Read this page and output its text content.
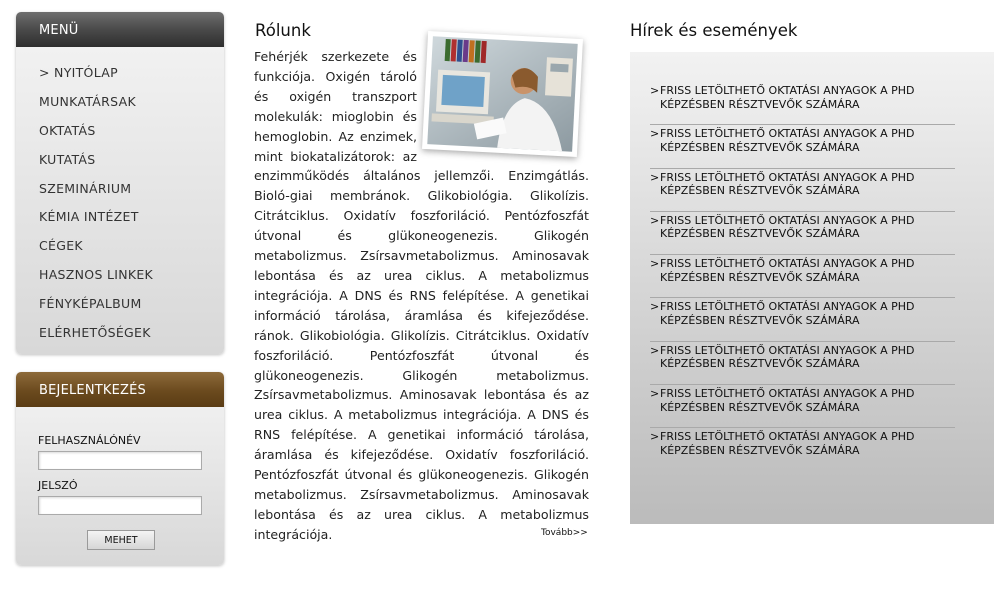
MENÜ
> NYITÓLAP
MUNKATÁRSAK
OKTATÁS
KUTATÁS
SZEMINÁRIUM
KÉMIA INTÉZET
CÉGEK
HASZNOS LINKEK
FÉNYKÉPALBUM
ELÉRHETŐSÉGEK
BEJELENTKEZÉS
FELHASZNÁLÓNÉV
JELSZÓ
MEHET
Rólunk
Fehérjék szerkezete és funkciója. Oxigén tároló és oxigén transzport molekulák: mioglobin és hemoglobin. Az enzimek, mint biokatalizátorok: az enzimműködés általános jellemzői. Enzimgátlás. Bioló-giai membránok. Glikobiológia. Glikolízis. Citrátciklus. Oxidatív foszforiláció. Pentózfoszfát útvonal és glükoneogenezis. Glikogén metabolizmus. Zsírsavmetabolizmus. Aminosavak lebontása és az urea ciklus. A metabolizmus integrációja. A DNS és RNS felépítése. A genetikai információ tárolása, áramlása és kifejeződése. ránok. Glikobiológia. Glikolízis. Citrátciklus. Oxidatív foszforiláció. Pentózfoszfát útvonal és glükoneogenezis. Glikogén metabolizmus. Zsírsavmetabolizmus. Aminosavak lebontása és az urea ciklus. A metabolizmus integrációja. A DNS és RNS felépítése. A genetikai információ tárolása, áramlása és kifejeződése. Oxidatív foszforiláció. Pentózfoszfát útvonal és glükoneogenezis. Glikogén metabolizmus. Zsírsavmetabolizmus. Aminosavak lebontása és az urea ciklus. A metabolizmus integrációja.	Tovább>>
Hírek és események
> FRISS LETÖLTHETŐ OKTATÁSI ANYAGOK A PHD KÉPZÉSBEN RÉSZTVEVŐK SZÁMÁRA
> FRISS LETÖLTHETŐ OKTATÁSI ANYAGOK A PHD KÉPZÉSBEN RÉSZTVEVŐK SZÁMÁRA
> FRISS LETÖLTHETŐ OKTATÁSI ANYAGOK A PHD KÉPZÉSBEN RÉSZTVEVŐK SZÁMÁRA
> FRISS LETÖLTHETŐ OKTATÁSI ANYAGOK A PHD KÉPZÉSBEN RÉSZTVEVŐK SZÁMÁRA
> FRISS LETÖLTHETŐ OKTATÁSI ANYAGOK A PHD KÉPZÉSBEN RÉSZTVEVŐK SZÁMÁRA
> FRISS LETÖLTHETŐ OKTATÁSI ANYAGOK A PHD KÉPZÉSBEN RÉSZTVEVŐK SZÁMÁRA
> FRISS LETÖLTHETŐ OKTATÁSI ANYAGOK A PHD KÉPZÉSBEN RÉSZTVEVŐK SZÁMÁRA
> FRISS LETÖLTHETŐ OKTATÁSI ANYAGOK A PHD KÉPZÉSBEN RÉSZTVEVŐK SZÁMÁRA
> FRISS LETÖLTHETŐ OKTATÁSI ANYAGOK A PHD KÉPZÉSBEN RÉSZTVEVŐK SZÁMÁRA
